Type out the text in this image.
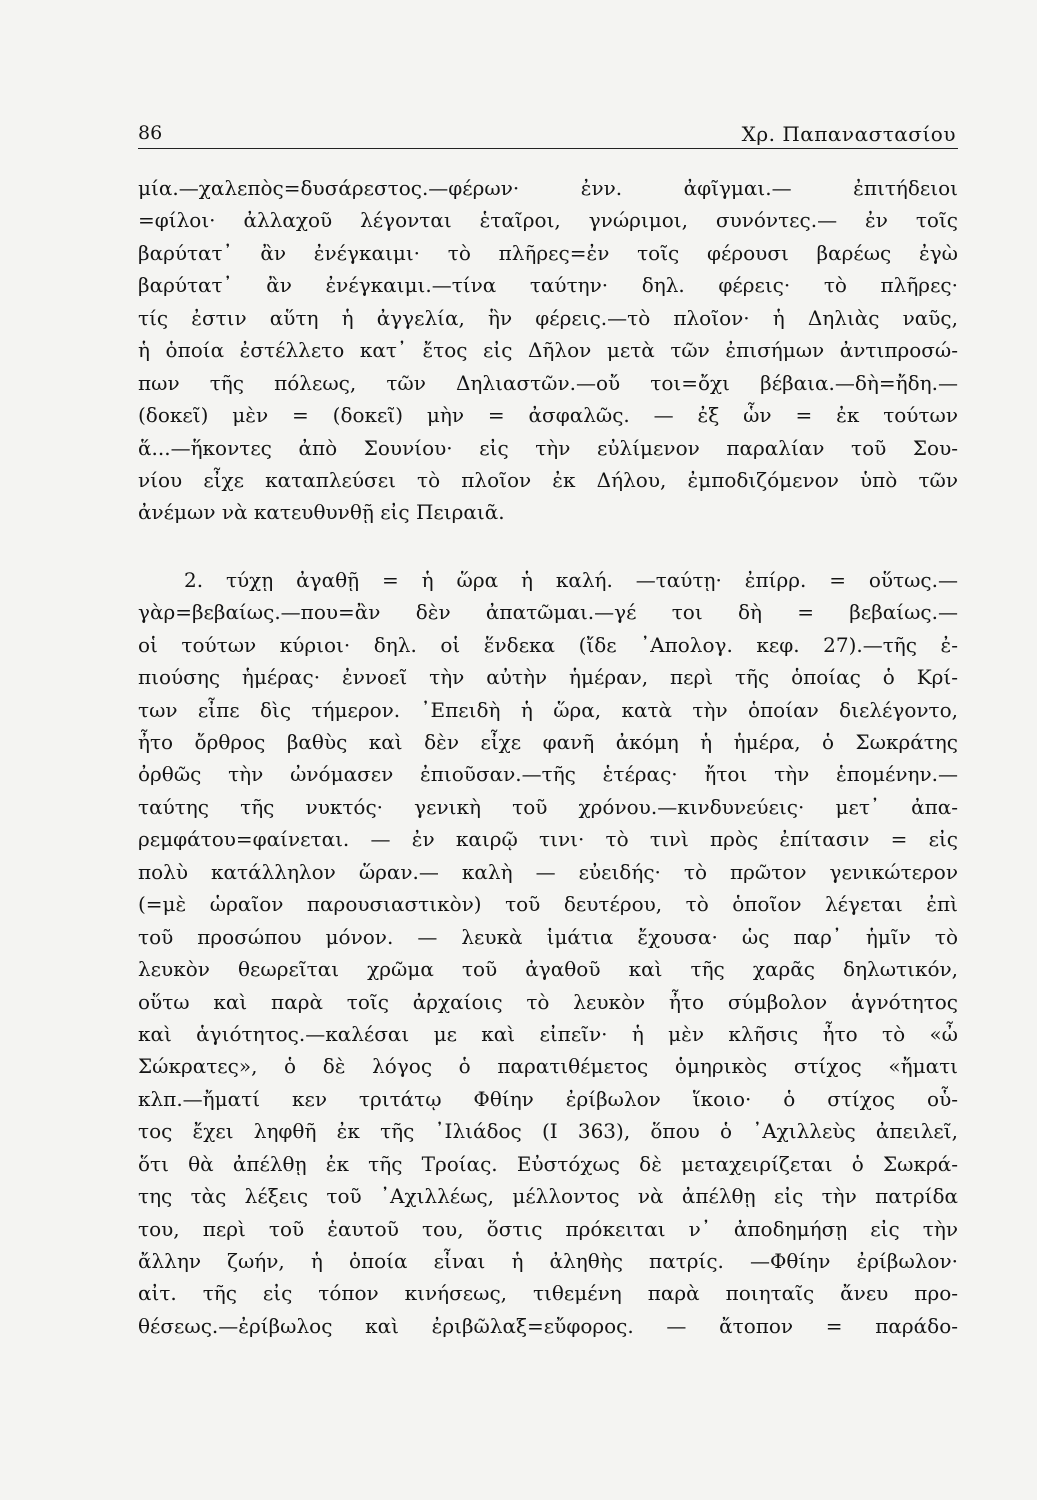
86	Χρ. Παπαναστασίου
μία.—χαλεπὸς=δυσάρεστος.—φέρων· ἐνν. ἀφῖγμαι.— ἐπιτήδειοι
=φίλοι· ἀλλαχοῦ λέγονται ἑταῖροι, γνώριμοι, συνόντες.— ἐν τοῖς
βαρύτατ᾽ ἂν ἐνέγκαιμι· τὸ πλῆρες=ἐν τοῖς φέρουσι βαρέως ἐγὼ
βαρύτατ᾽ ἂν ἐνέγκαιμι.—τίνα ταύτην· δηλ. φέρεις· τὸ πλῆρες·
τίς ἐστιν αὕτη ἡ ἀγγελία, ἣν φέρεις.—τὸ πλοῖον· ἡ Δηλιὰς ναῦς,
ἡ ὁποία ἐστέλλετο κατ᾽ ἔτος εἰς Δῆλον μετὰ τῶν ἐπισήμων ἀντιπροσώ-
πων τῆς πόλεως, τῶν Δηλιαστῶν.—οὔ τοι=ὄχι βέβαια.—δὴ=ἤδη.—
(δοκεῖ) μὲν = (δοκεῖ) μὴν = ἀσφαλῶς. — ἐξ ὧν = ἐκ τούτων
ἅ...—ἥκοντες ἀπὸ Σουνίου· εἰς τὴν εὐλίμενον παραλίαν τοῦ Σου-
νίου εἶχε καταπλεύσει τὸ πλοῖον ἐκ Δήλου, ἐμποδιζόμενον ὑπὸ τῶν
ἀνέμων νὰ κατευθυνθῇ εἰς Πειραιᾶ.
2. τύχῃ ἀγαθῇ = ἡ ὥρα ἡ καλή. —ταύτῃ· ἐπίρρ. = οὕτως.—
γὰρ=βεβαίως.—που=ἂν δὲν ἀπατῶμαι.—γέ τοι δὴ = βεβαίως.—
οἱ τούτων κύριοι· δηλ. οἱ ἕνδεκα (ἴδε ᾿Απολογ. κεφ. 27).—τῆς ἐ-
πιούσης ἡμέρας· ἐννοεῖ τὴν αὐτὴν ἡμέραν, περὶ τῆς ὁποίας ὁ Κρί-
των εἶπε δὶς τήμερον. ᾿Επειδὴ ἡ ὥρα, κατὰ τὴν ὁποίαν διελέγοντο,
ἦτο ὄρθρος βαθὺς καὶ δὲν εἶχε φανῆ ἀκόμη ἡ ἡμέρα, ὁ Σωκράτης
ὀρθῶς τὴν ὠνόμασεν ἐπιοῦσαν.—τῆς ἑτέρας· ἤτοι τὴν ἑπομένην.—
ταύτης τῆς νυκτός· γενικὴ τοῦ χρόνου.—κινδυνεύεις· μετ᾽ ἀπα-
ρεμφάτου=φαίνεται. — ἐν καιρῷ τινι· τὸ τινὶ πρὸς ἐπίτασιν = εἰς
πολὺ κατάλληλον ὥραν.— καλὴ — εὐειδής· τὸ πρῶτον γενικώτερον
(=μὲ ὡραῖον παρουσιαστικὸν) τοῦ δευτέρου, τὸ ὁποῖον λέγεται ἐπὶ
τοῦ προσώπου μόνον. — λευκὰ ἱμάτια ἔχουσα· ὡς παρ᾽ ἡμῖν τὸ
λευκὸν θεωρεῖται χρῶμα τοῦ ἀγαθοῦ καὶ τῆς χαρᾶς δηλωτικόν,
οὕτω καὶ παρὰ τοῖς ἀρχαίοις τὸ λευκὸν ἦτο σύμβολον ἁγνότητος
καὶ ἁγιότητος.—καλέσαι με καὶ εἰπεῖν· ἡ μὲν κλῆσις ἦτο τὸ «ὦ
Σώκρατες», ὁ δὲ λόγος ὁ παρατιθέμετος ὁμηρικὸς στίχος «ἤματι
κλπ.—ἤματί κεν τριτάτῳ Φθίην ἐρίβωλον ἵκοιο· ὁ στίχος οὗ-
τος ἔχει ληφθῆ ἐκ τῆς ᾿Ιλιάδος (Ι 363), ὅπου ὁ ᾿Αχιλλεὺς ἀπειλεῖ,
ὅτι θὰ ἀπέλθῃ ἐκ τῆς Τροίας. Εὐστόχως δὲ μεταχειρίζεται ὁ Σωκρά-
της τὰς λέξεις τοῦ ᾿Αχιλλέως, μέλλοντος νὰ ἀπέλθῃ εἰς τὴν πατρίδα
του, περὶ τοῦ ἑαυτοῦ του, ὅστις πρόκειται ν᾽ ἀποδημήσῃ εἰς τὴν
ἄλλην ζωήν, ἡ ὁποία εἶναι ἡ ἀληθὴς πατρίς. —Φθίην ἐρίβωλον·
αἰτ. τῆς εἰς τόπον κινήσεως, τιθεμένη παρὰ ποιηταῖς ἄνευ προ-
θέσεως.—ἐρίβωλος καὶ ἐριβῶλαξ=εὔφορος. — ἄτοπον = παράδο-
